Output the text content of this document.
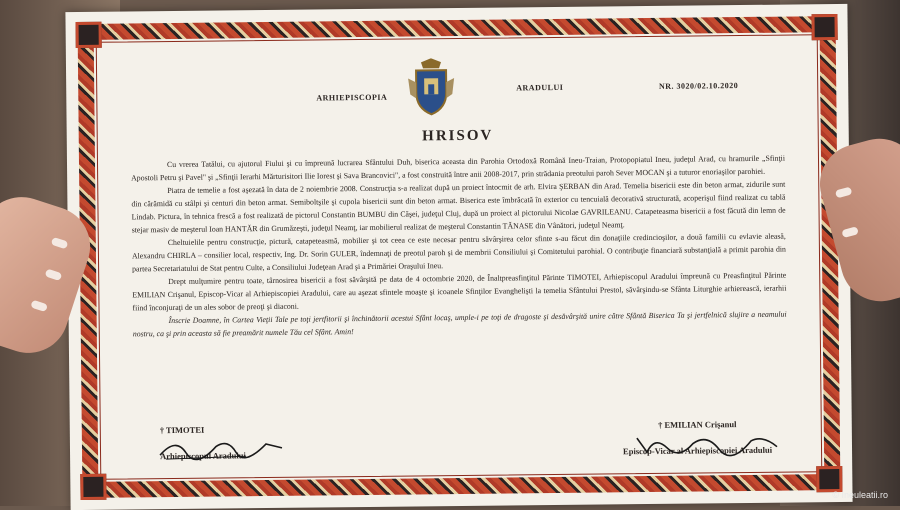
ARHIEPISCOPIA
ARADULUI	NR. 3020/02.10.2020
HRISOV

Cu vrerea Tatălui, cu ajutorul Fiului şi cu împreună lucrarea Sfântului Duh, biserica aceasta din Parohia Ortodoxă Română Ineu-Traian, Protopopiatul Ineu, judeţul Arad, cu hramurile „Sfinţii Apostoli Petru şi Pavel" şi „Sfinţii Ierarhi Mărturisitori Ilie Iorest şi Sava Brancovici", a fost construită între anii 2008-2017, prin strădania preotului paroh Sever MOCAN şi a tuturor enoriaşilor parohiei.

Piatra de temelie a fost aşezată în data de 2 noiembrie 2008. Construcţia s-a realizat după un proiect întocmit de arh. Elvira ŞERBAN din Arad. Temelia bisericii este din beton armat, zidurile sunt din cărămidă cu stâlpi şi centuri din beton armat. Semiboltşile şi cupola bisericii sunt din beton armat. Biserica este îmbrăcată în exterior cu tencuială decorativă structurată, acoperişul fiind realizat cu tablă Lindab. Pictura, în tehnica frescă a fost realizată de pictorul Constantin BUMBU din Căşei, judeţul Cluj, după un proiect al pictorului Nicolae GAVRILEANU. Catapeteasma bisericii a fost făcută din lemn de stejar masiv de meşterul Ioan HANTĂR din Grumăzeşti, judeţul Neamţ, iar mobilierul realizat de meşterul Constantin TĂNASE din Vânători, judeţul Neamţ.

Cheltuielile pentru construcţie, pictură, catapeteasmă, mobilier şi tot ceea ce este necesar pentru săvârşirea celor sfinte s-au făcut din donaţiile credincioşilor, a două familii cu evlavie aleasă, Alexandru CHIRLA – consilier local, respectiv, Ing. Dr. Sorin GULER, îndemnaţi de preotul paroh şi de membrii Consiliului şi Comitetului parohial. O contribuţie financiară substanţială a primit parohia din partea Secretariatului de Stat pentru Culte, a Consiliului Judeţean Arad şi a Primăriei Oraşului Ineu.

Drept mulţumire pentru toate, târnosirea bisericii a fost săvârşită pe data de 4 octombrie 2020, de Înaltpreasfinţitul Părinte TIMOTEI, Arhiepiscopul Aradului împreună cu Preasfinţitul Părinte EMILIAN Crişanul, Episcop-Vicar al Arhiepiscopiei Aradului, care au aşezat sfintele moaşte şi icoanele Sfinţilor Evanghelişti la temelia Sfântului Prestol, săvârşindu-se Sfânta Liturghie arhierească, ierarhii fiind înconjuraţi de un ales sobor de preoţi şi diaconi.

Înscrie Doamne, în Cartea Vieţii Tale pe toţi jertfitorii şi închinătorii acestui Sfânt locaş, umple-i pe toţi de dragoste şi desăvârşită unire către Sfântă Biserica Ta şi jertfelnică slujire a neamului nostru, ca şi prin aceasta să fie preamărit numele Tău cel Sfânt. Amin!

† TIMOTEI
Arhiepiscopul Aradului
† EMILIAN Crişanul
Episcop-Vicar al Arhiepiscopiei Aradului
© Ineuleatii.ro
